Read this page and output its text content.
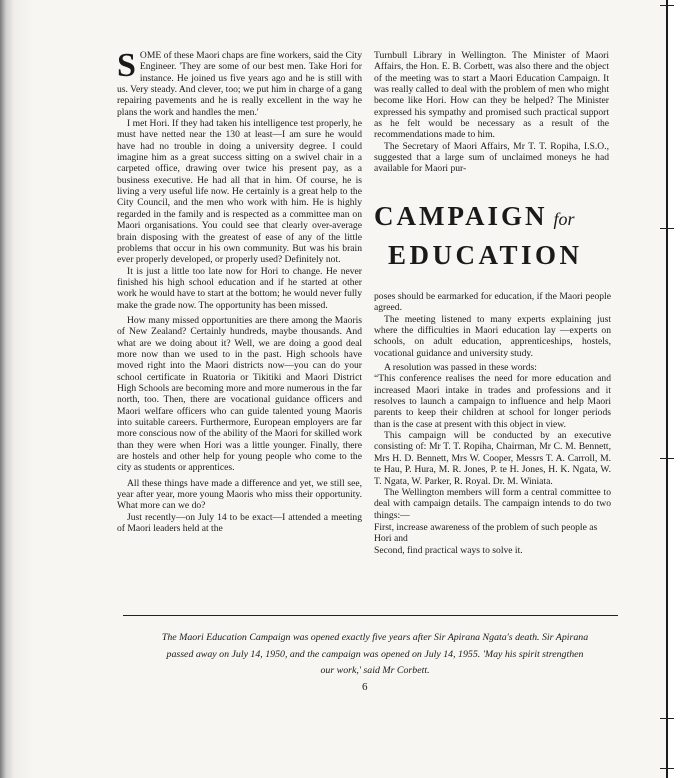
SOME of these Maori chaps are fine workers, said the City Engineer. 'They are some of our best men. Take Hori for instance. He joined us five years ago and he is still with us. Very steady. And clever, too; we put him in charge of a gang repairing pavements and he is really excellent in the way he plans the work and handles the men.'

I met Hori. If they had taken his intelligence test properly, he must have netted near the 130 at least—I am sure he would have had no trouble in doing a university degree. I could imagine him as a great success sitting on a swivel chair in a carpeted office, drawing over twice his present pay, as a business executive. He had all that in him. Of course, he is living a very useful life now. He certainly is a great help to the City Council, and the men who work with him. He is highly regarded in the family and is respected as a committee man on Maori organisations. You could see that clearly over-average brain disposing with the greatest of ease of any of the little problems that occur in his own community. But was his brain ever properly developed, or properly used? Definitely not.

It is just a little too late now for Hori to change. He never finished his high school education and if he started at other work he would have to start at the bottom; he would never fully make the grade now. The opportunity has been missed.

How many missed opportunities are there among the Maoris of New Zealand? Certainly hundreds, maybe thousands. And what are we doing about it? Well, we are doing a good deal more now than we used to in the past. High schools have moved right into the Maori districts now—you can do your school certificate in Ruatoria or Tikitiki and Maori District High Schools are becoming more and more numerous in the far north, too. Then, there are vocational guidance officers and Maori welfare officers who can guide talented young Maoris into suitable careers. Furthermore, European employers are far more conscious now of the ability of the Maori for skilled work than they were when Hori was a little younger. Finally, there are hostels and other help for young people who come to the city as students or apprentices.

All these things have made a difference and yet, we still see, year after year, more young Maoris who miss their opportunity. What more can we do?

Just recently—on July 14 to be exact—I attended a meeting of Maori leaders held at the

Turnbull Library in Wellington. The Minister of Maori Affairs, the Hon. E. B. Corbett, was also there and the object of the meeting was to start a Maori Education Campaign. It was really called to deal with the problem of men who might become like Hori. How can they be helped? The Minister expressed his sympathy and promised such practical support as he felt would be necessary as a result of the recommendations made to him.

The Secretary of Maori Affairs, Mr T. T. Ropiha, I.S.O., suggested that a large sum of unclaimed moneys he had available for Maori pur-

CAMPAIGN for
EDUCATION

poses should be earmarked for education, if the Maori people agreed.

The meeting listened to many experts explaining just where the difficulties in Maori education lay —experts on schools, on adult education, apprenticeships, hostels, vocational guidance and university study.

A resolution was passed in these words:

“This conference realises the need for more education and increased Maori intake in trades and professions and it resolves to launch a campaign to influence and help Maori parents to keep their children at school for longer periods than is the case at present with this object in view.

This campaign will be conducted by an executive consisting of: Mr T. T. Ropiha, Chairman, Mr C. M. Bennett, Mrs H. D. Bennett, Mrs W. Cooper, Messrs T. A. Carroll, M. te Hau, P. Hura, M. R. Jones, P. te H. Jones, H. K. Ngata, W. T. Ngata, W. Parker, R. Royal. Dr. M. Winiata.

The Wellington members will form a central committee to deal with campaign details. The campaign intends to do two things:—

First, increase awareness of the problem of such people as

Hori and

Second, find practical ways to solve it.

The Maori Education Campaign was opened exactly five years after Sir Apirana Ngata's death. Sir Apirana passed away on July 14, 1950, and the campaign was opened on July 14, 1955. 'May his spirit strengthen our work,' said Mr Corbett.
6
